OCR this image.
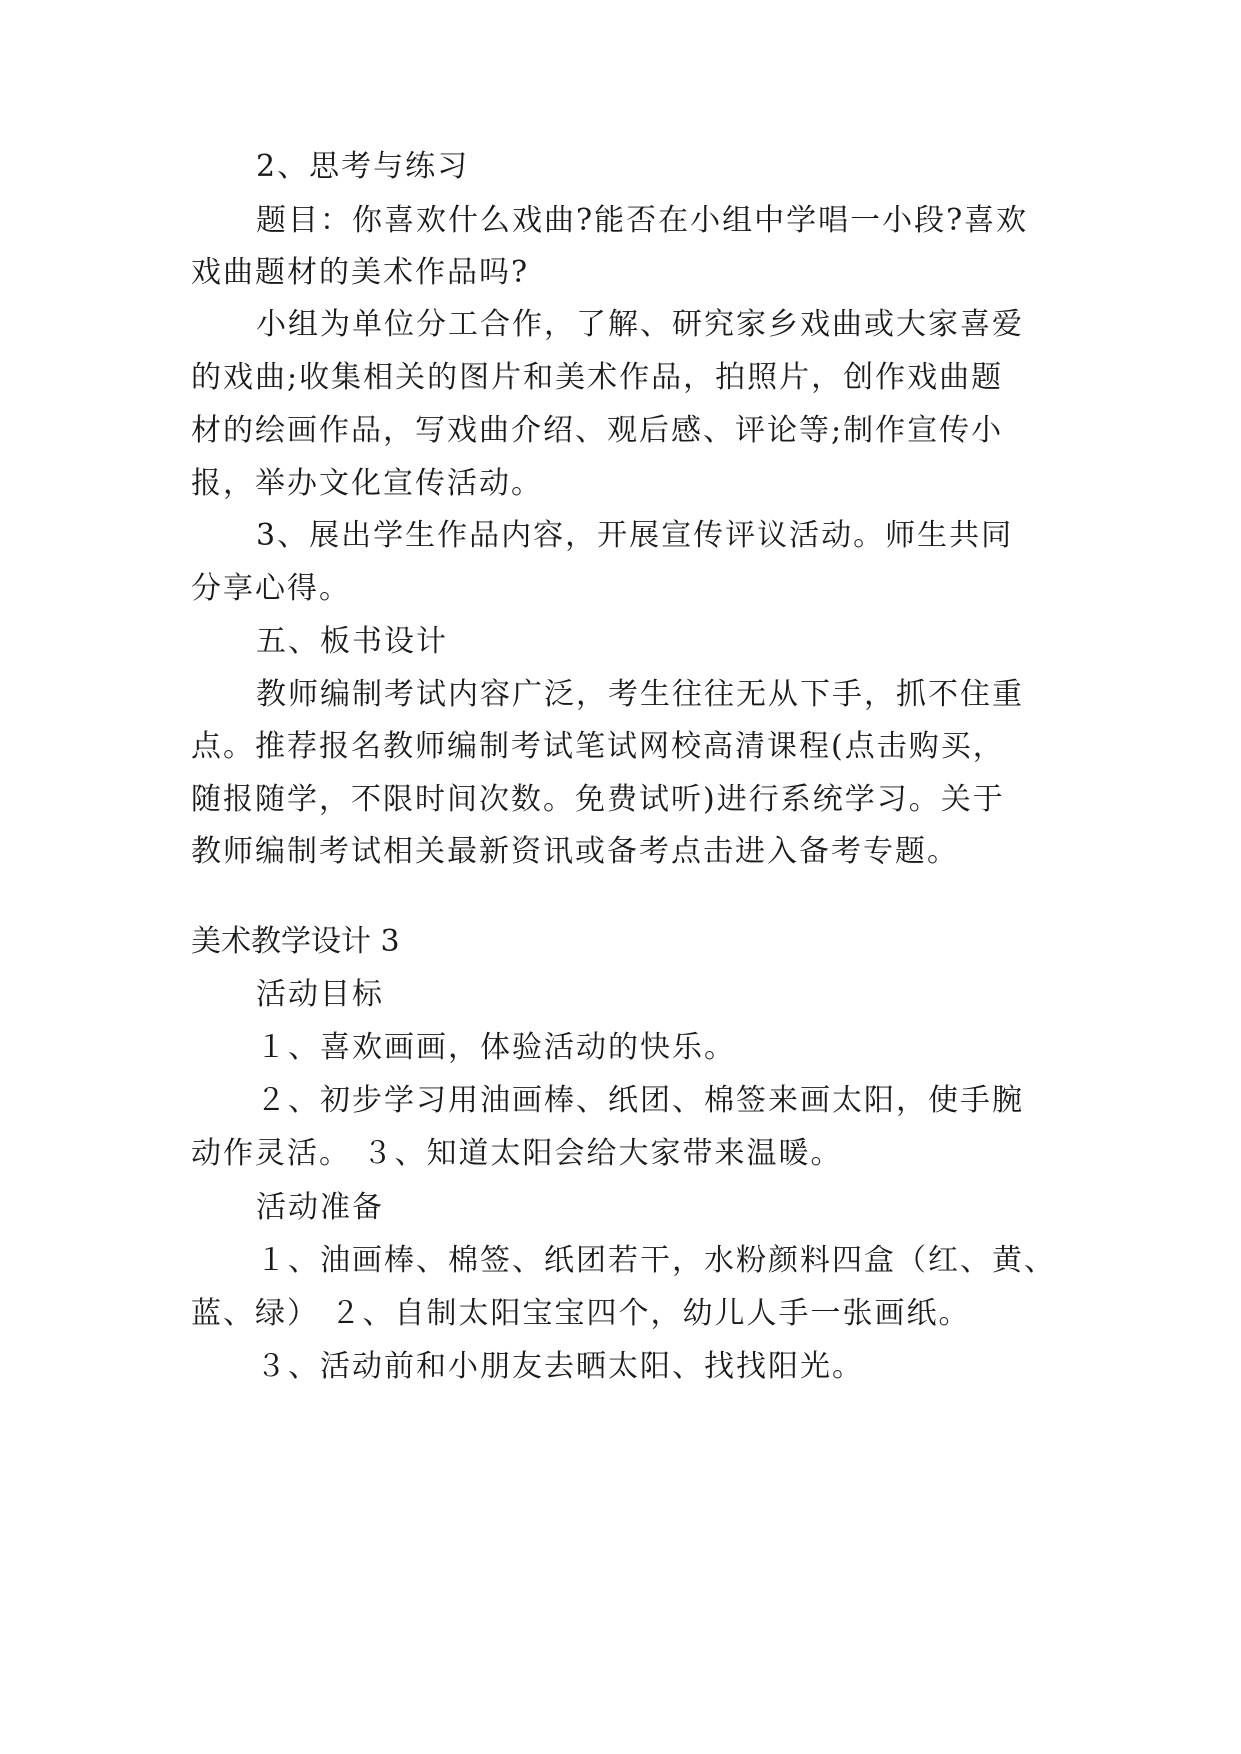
2、思考与练习
题目：你喜欢什么戏曲?能否在小组中学唱一小段?喜欢
戏曲题材的美术作品吗?
小组为单位分工合作，了解、研究家乡戏曲或大家喜爱
的戏曲;收集相关的图片和美术作品，拍照片，创作戏曲题
材的绘画作品，写戏曲介绍、观后感、评论等;制作宣传小
报，举办文化宣传活动。
3、展出学生作品内容，开展宣传评议活动。师生共同
分享心得。
五、板书设计
教师编制考试内容广泛，考生往往无从下手，抓不住重
点。推荐报名教师编制考试笔试网校高清课程(点击购买，
随报随学，不限时间次数。免费试听)进行系统学习。关于
教师编制考试相关最新资讯或备考点击进入备考专题。
美术教学设计 3
活动目标
１、喜欢画画，体验活动的快乐。
２、初步学习用油画棒、纸团、棉签来画太阳，使手腕
动作灵活。 ３、知道太阳会给大家带来温暖。
活动准备
１、油画棒、棉签、纸团若干，水粉颜料四盒（红、黄、
蓝、绿） ２、自制太阳宝宝四个，幼儿人手一张画纸。
３、活动前和小朋友去晒太阳、找找阳光。
